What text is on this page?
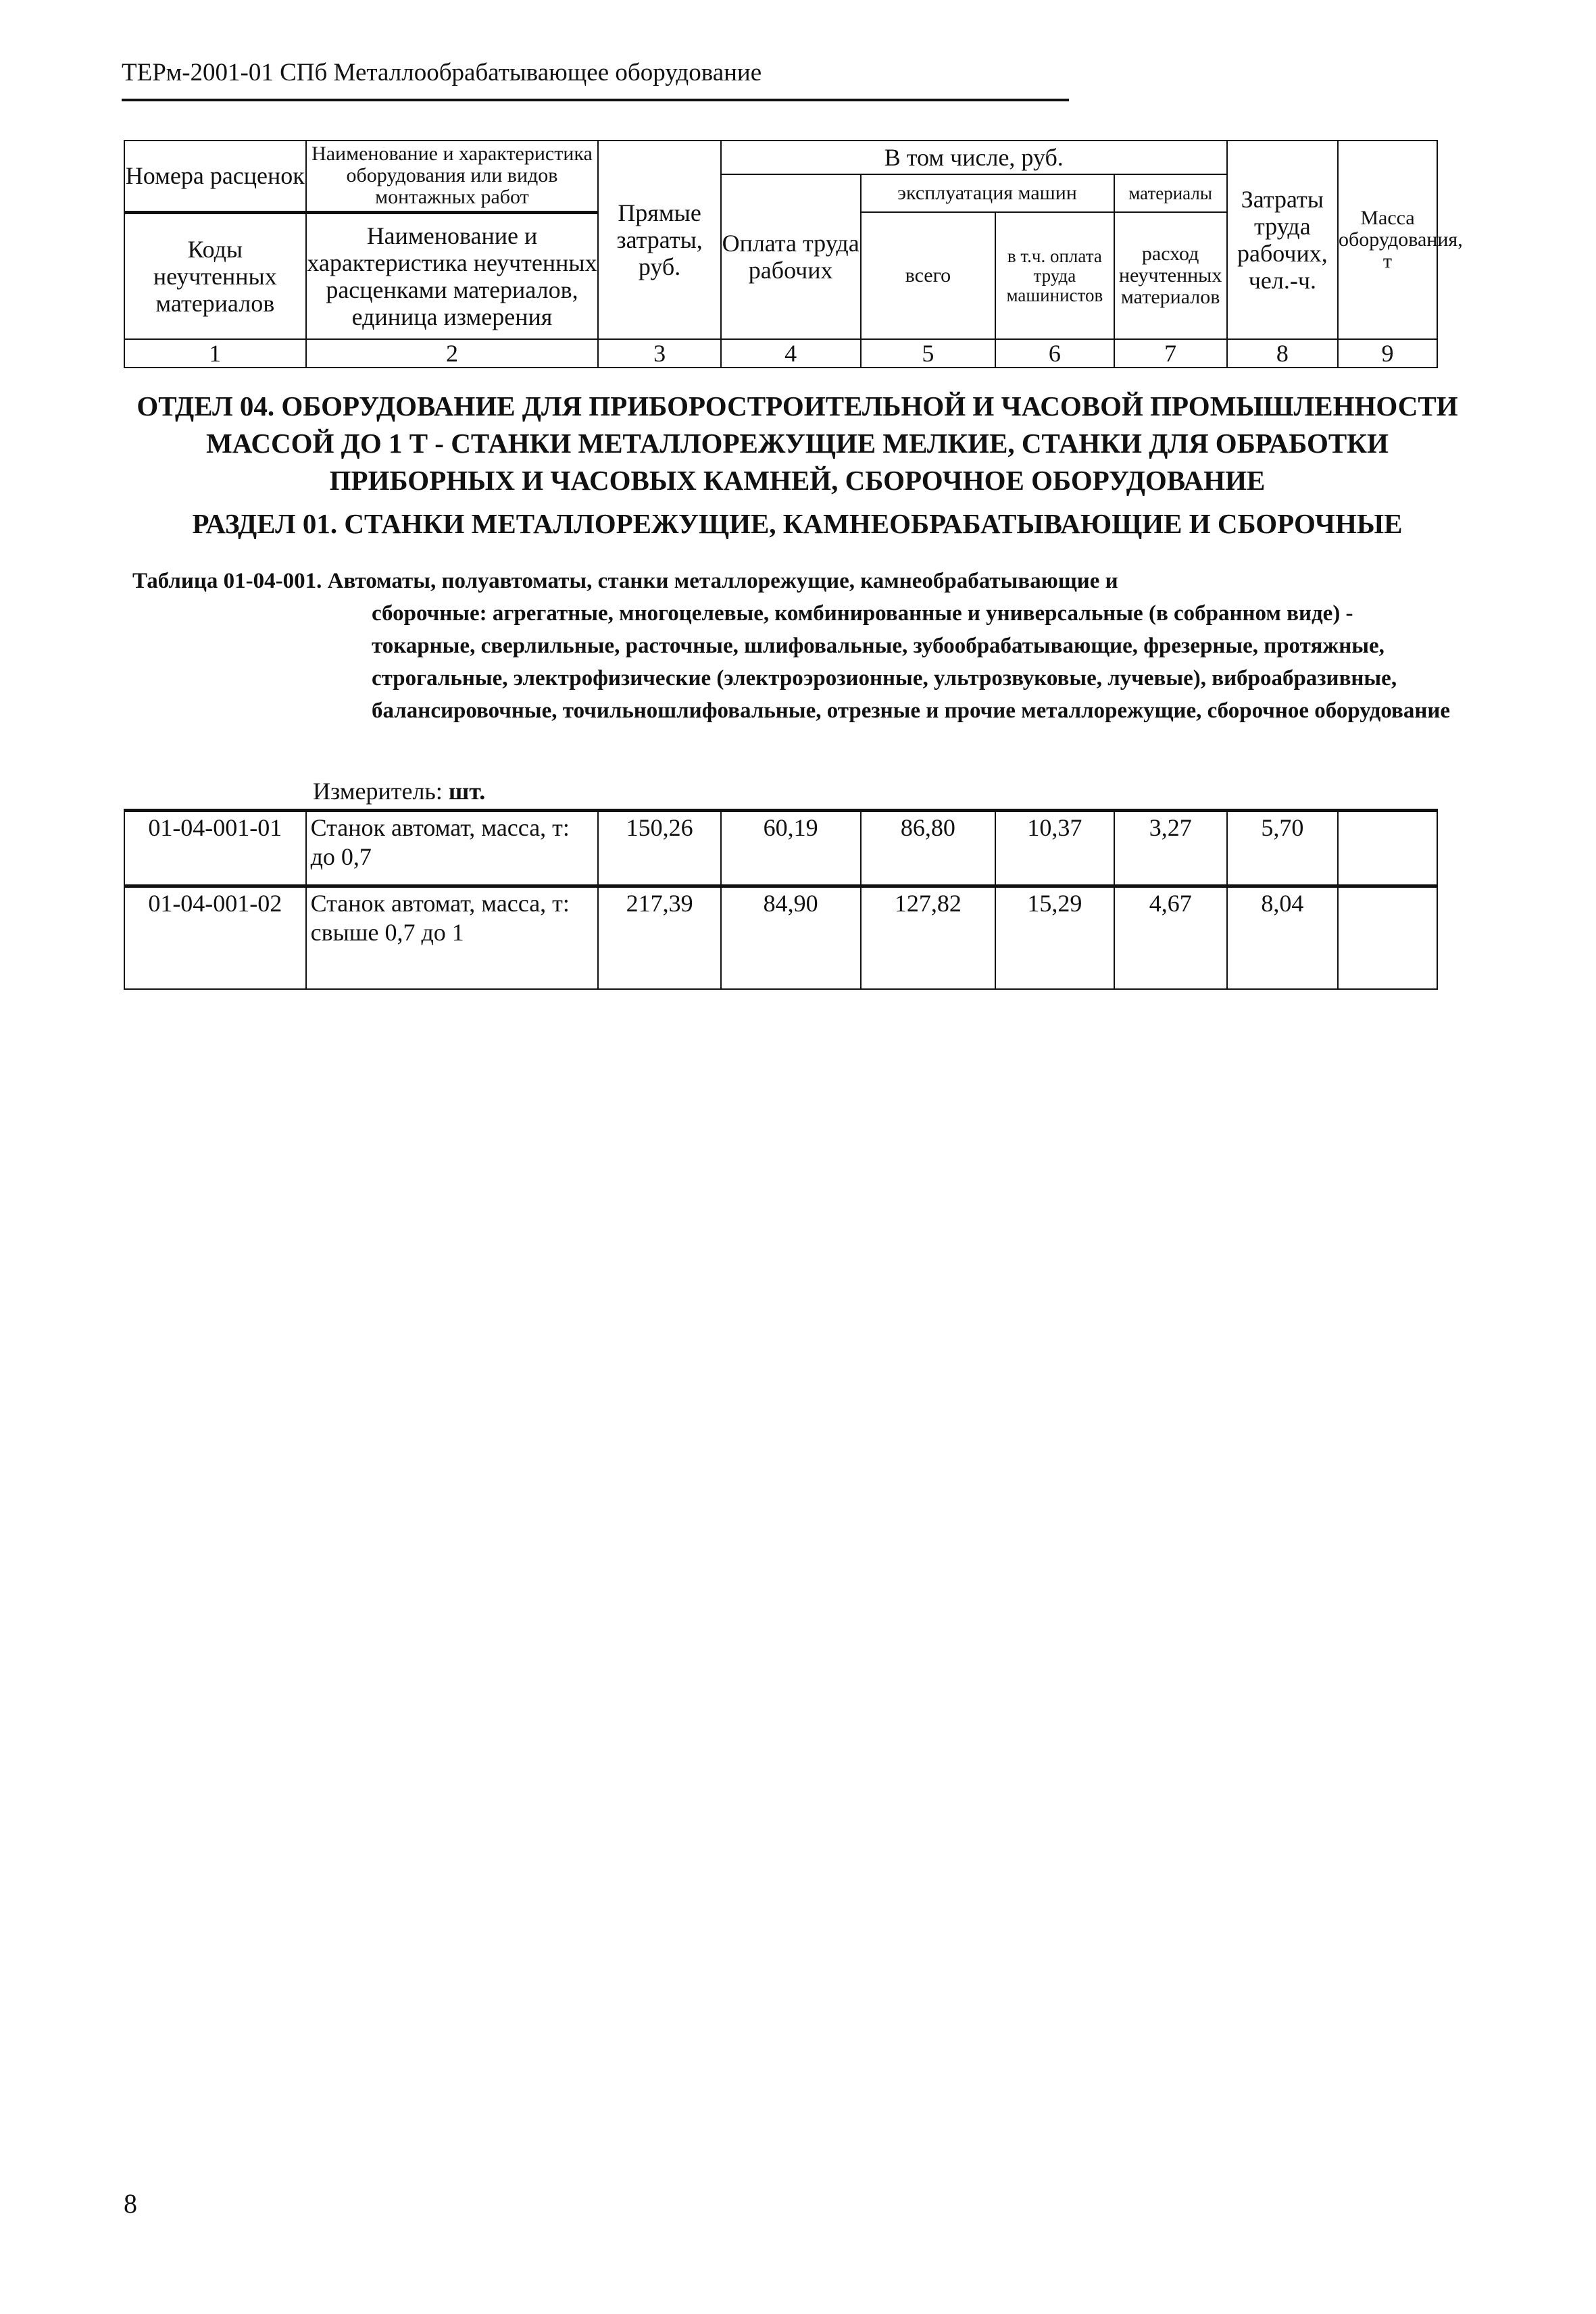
ТЕРм-2001-01 СПб Металлообрабатывающее оборудование
Номера расценок	Наименование и характеристика оборудования или видов монтажных работ	Прямые затраты, руб.	В том числе, руб.				Затраты труда рабочих, чел.-ч.	Масса оборудования, т
			Оплата труда рабочих	эксплуатация машин		материалы		
Коды неучтенных материалов	Наименование и характеристика неучтенных расценками материалов, единица измерения			всего	в т.ч. оплата труда машинистов	расход неучтенных материалов		

1	2	3	4	5	6	7	8	9
ОТДЕЛ 04. ОБОРУДОВАНИЕ ДЛЯ ПРИБОРОСТРОИТЕЛЬНОЙ И ЧАСОВОЙ ПРОМЫШЛЕННОСТИ МАССОЙ ДО 1 Т - СТАНКИ МЕТАЛЛОРЕЖУЩИЕ МЕЛКИЕ, СТАНКИ ДЛЯ ОБРАБОТКИ ПРИБОРНЫХ И ЧАСОВЫХ КАМНЕЙ, СБОРОЧНОЕ ОБОРУДОВАНИЕ
РАЗДЕЛ 01. СТАНКИ МЕТАЛЛОРЕЖУЩИЕ, КАМНЕОБРАБАТЫВАЮЩИЕ И СБОРОЧНЫЕ
Таблица 01-04-001. Автоматы, полуавтоматы, станки металлорежущие, камнеобрабатывающие и
сборочные: агрегатные, многоцелевые, комбинированные и универсальные (в собранном виде) - токарные, сверлильные, расточные, шлифовальные, зубообрабатывающие, фрезерные, протяжные, строгальные, электрофизические (электроэрозионные, ультрозвуковые, лучевые), виброабразивные, балансировочные, точильношлифовальные, отрезные и прочие металлорежущие, сборочное оборудование
Измеритель: шт.
01-04-001-01	Станок автомат, масса, т: до 0,7	150,26	60,19	86,80	10,37	3,27	5,70	
01-04-001-02	Станок автомат, масса, т: свыше 0,7 до 1	217,39	84,90	127,82	15,29	4,67	8,04	
8
